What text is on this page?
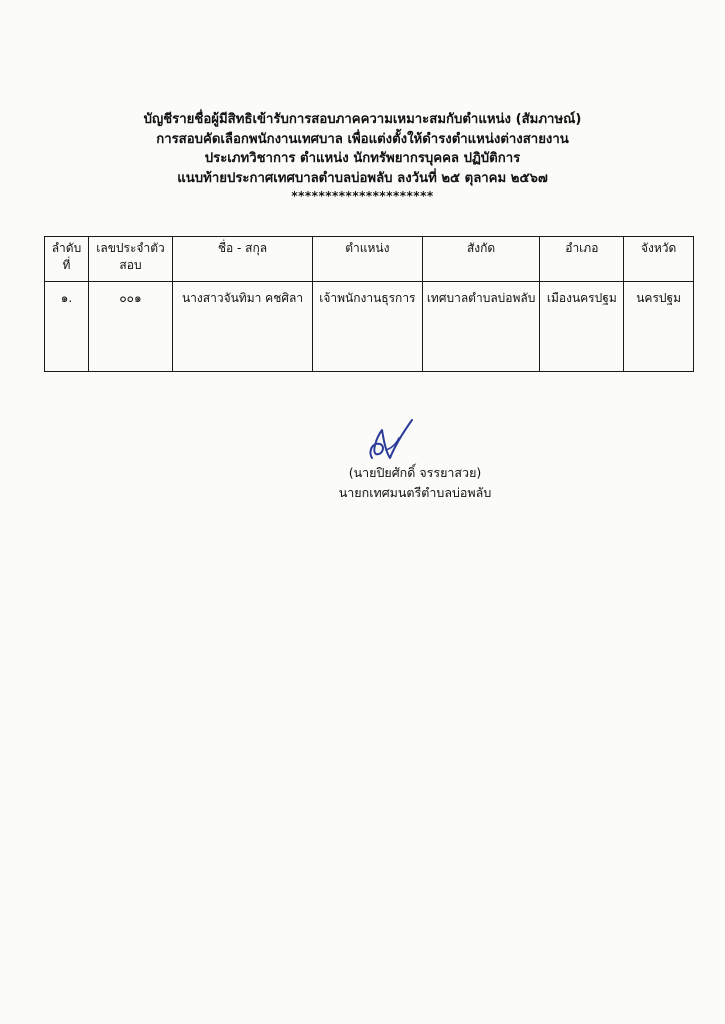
บัญชีรายชื่อผู้มีสิทธิเข้ารับการสอบภาคความเหมาะสมกับตำแหน่ง (สัมภาษณ์)
การสอบคัดเลือกพนักงานเทศบาล เพื่อแต่งตั้งให้ดำรงตำแหน่งต่างสายงาน
ประเภทวิชาการ ตำแหน่ง นักทรัพยากรบุคคล ปฏิบัติการ
แนบท้ายประกาศเทศบาลตำบลบ่อพลับ ลงวันที่ ๒๕ ตุลาคม ๒๕๖๗
*********************
ลำดับที่	เลขประจำตัวสอบ	ชื่อ - สกุล	ตำแหน่ง	สังกัด	อำเภอ	จังหวัด
๑.	๐๐๑	นางสาวจันทิมา คชศิลา	เจ้าพนักงานธุรการ	เทศบาลตำบลบ่อพลับ	เมืองนครปฐม	นครปฐม
(นายปิยศักดิ์ จรรยาสวย)
นายกเทศมนตรีตำบลบ่อพลับ
